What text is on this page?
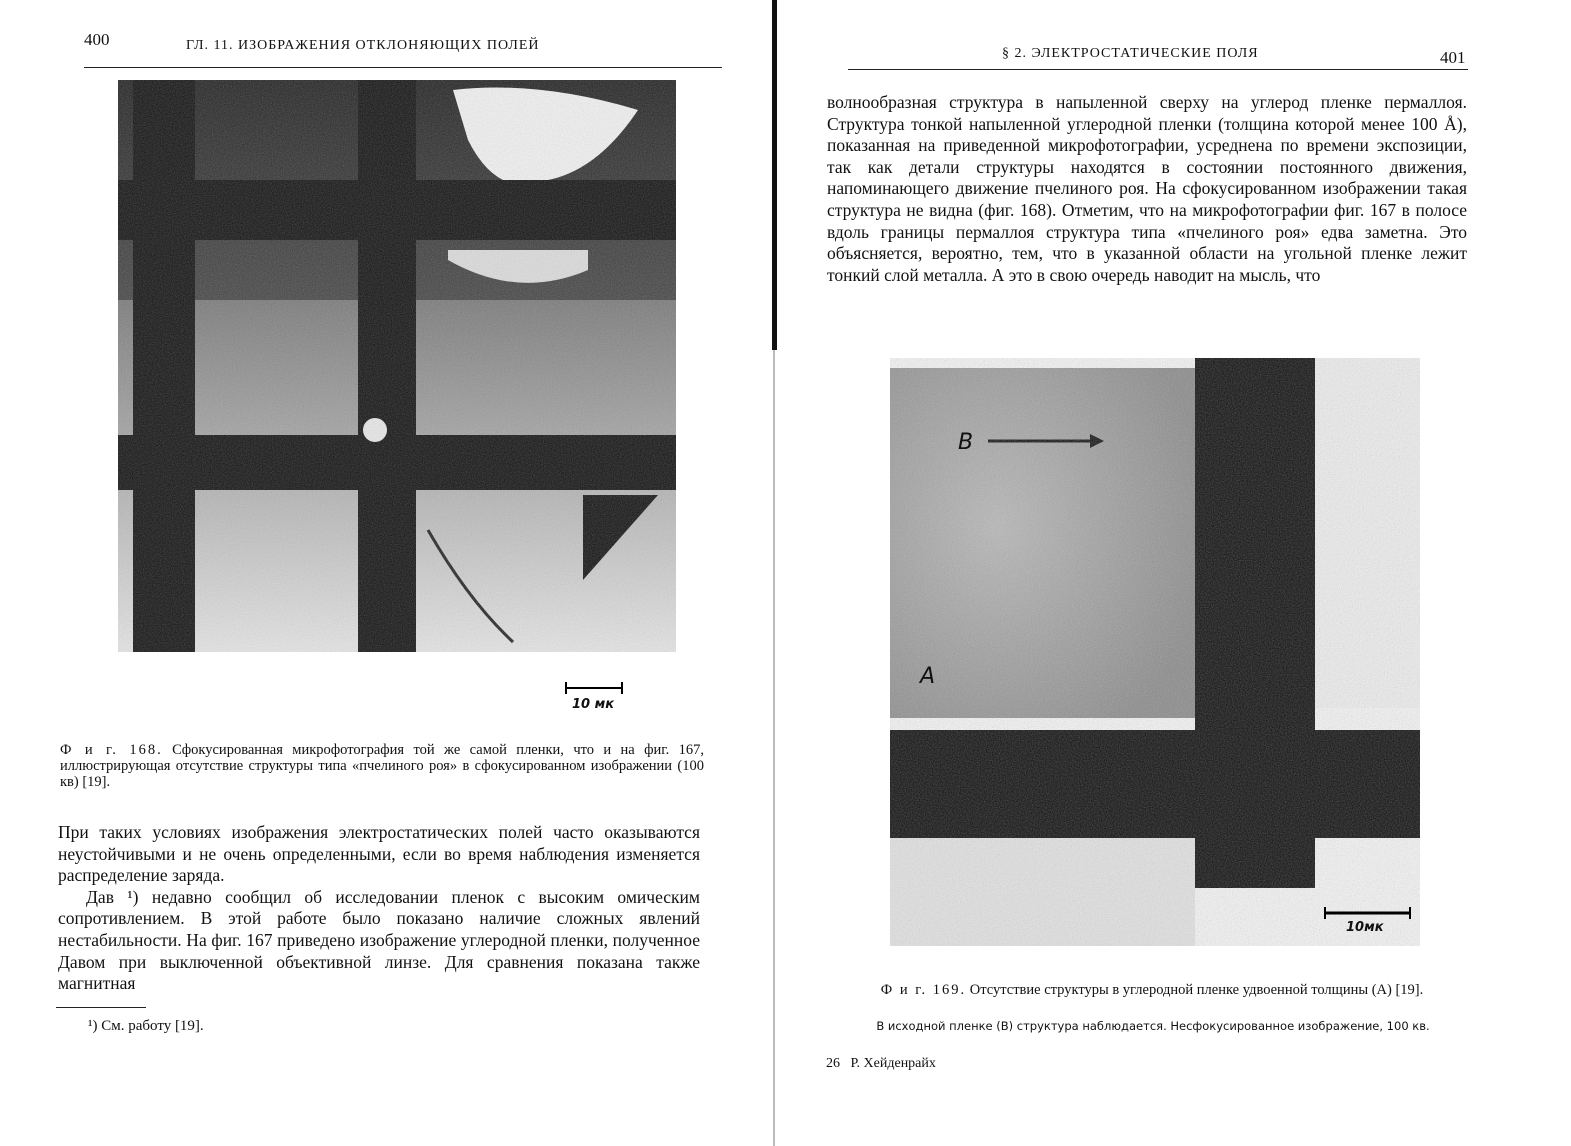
400	ГЛ. 11. ИЗОБРАЖЕНИЯ ОТКЛОНЯЮЩИХ ПОЛЕЙ
10 мк
Ф и г. 168. Сфокусированная микрофотография той же самой пленки, что и на фиг. 167, иллюстрирующая отсутствие структуры типа «пчелиного роя» в сфокусированном изображении (100 кв) [19].

При таких условиях изображения электростатических полей часто оказываются неустойчивыми и не очень определенными, если во время наблюдения изменяется распределение заряда.

Дав ¹) недавно сообщил об исследовании пленок с высоким омическим сопротивлением. В этой работе было показано наличие сложных явлений нестабильности. На фиг. 167 приведено изображение углеродной пленки, полученное Давом при выключенной объективной линзе. Для сравнения показана также магнитная

¹) См. работу [19].
§ 2. ЭЛЕКТРОСТАТИЧЕСКИЕ ПОЛЯ	401

волнообразная структура в напыленной сверху на углерод пленке пермаллоя. Структура тонкой напыленной углеродной пленки (толщина которой менее 100 Å), показанная на приведенной микрофотографии, усреднена по времени экспозиции, так как детали структуры находятся в состоянии постоянного движения, напоминающего движение пчелиного роя. На сфокусированном изображении такая структура не видна (фиг. 168). Отметим, что на микрофотографии фиг. 167 в полосе вдоль границы пермаллоя структура типа «пчелиного роя» едва заметна. Это объясняется, вероятно, тем, что в указанной области на угольной пленке лежит тонкий слой металла. А это в свою очередь наводит на мысль, что

B
A
10мк
Ф и г. 169. Отсутствие структуры в углеродной пленке удвоенной толщины (А) [19].
В исходной пленке (В) структура наблюдается. Несфокусированное изображение, 100 кв.
26 Р. Хейденрайх
